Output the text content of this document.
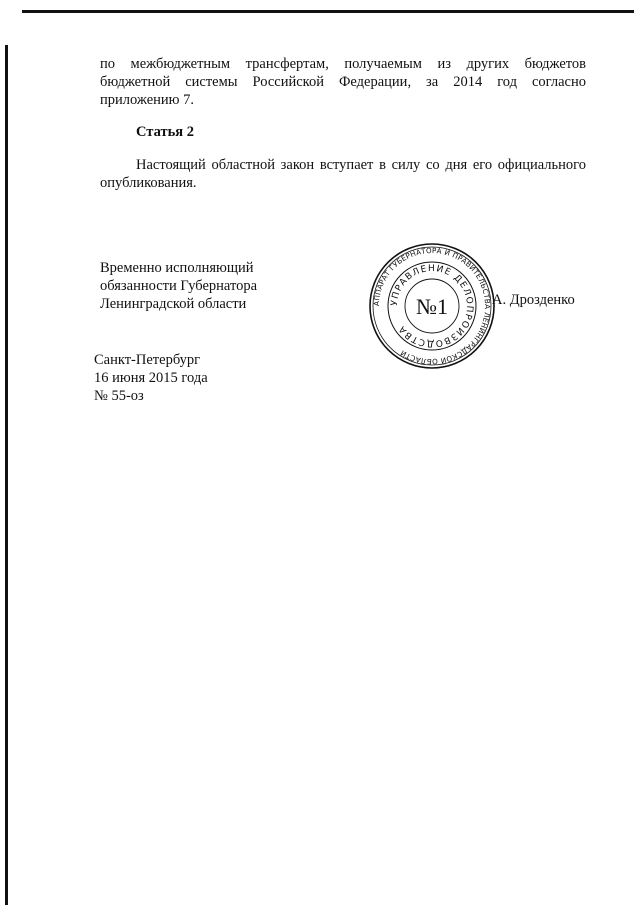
по межбюджетным трансфертам, получаемым из других бюджетов
бюджетной системы Российской Федерации, за 2014 год согласно
приложению 7.

Статья 2

Настоящий областной закон вступает в силу со дня его официального
опубликования.
Временно исполняющий
обязанности Губернатора
Ленинградской области	АППАРАТ ГУБЕРНАТОРА И ПРАВИТЕЛЬСТВА ЛЕНИНГРАДСКОЙ ОБЛАСТИ
УПРАВЛЕНИЕ ДЕЛОПРОИЗВОДСТВА
№1	А. Дрозденко
Санкт-Петербург
16 июня 2015 года
№ 55-оз
